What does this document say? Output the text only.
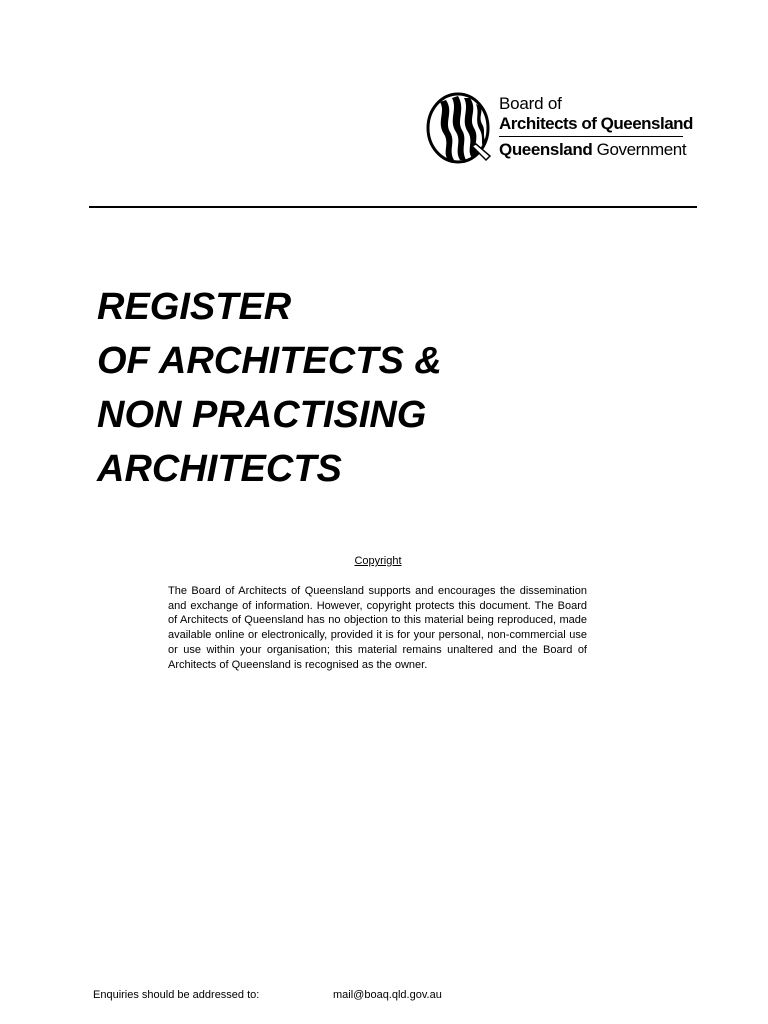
Board of
Architects of Queensland
Queensland Government
REGISTER
OF ARCHITECTS &
NON PRACTISING
ARCHITECTS
Copyright

The Board of Architects of Queensland supports and encourages the dissemination and exchange of information. However, copyright protects this document. The Board of Architects of Queensland has no objection to this material being reproduced, made available online or electronically, provided it is for your personal, non-commercial use or use within your organisation; this material remains unaltered and the Board of Architects of Queensland is recognised as the owner.

Enquiries should be addressed to:	mail@boaq.qld.gov.au
